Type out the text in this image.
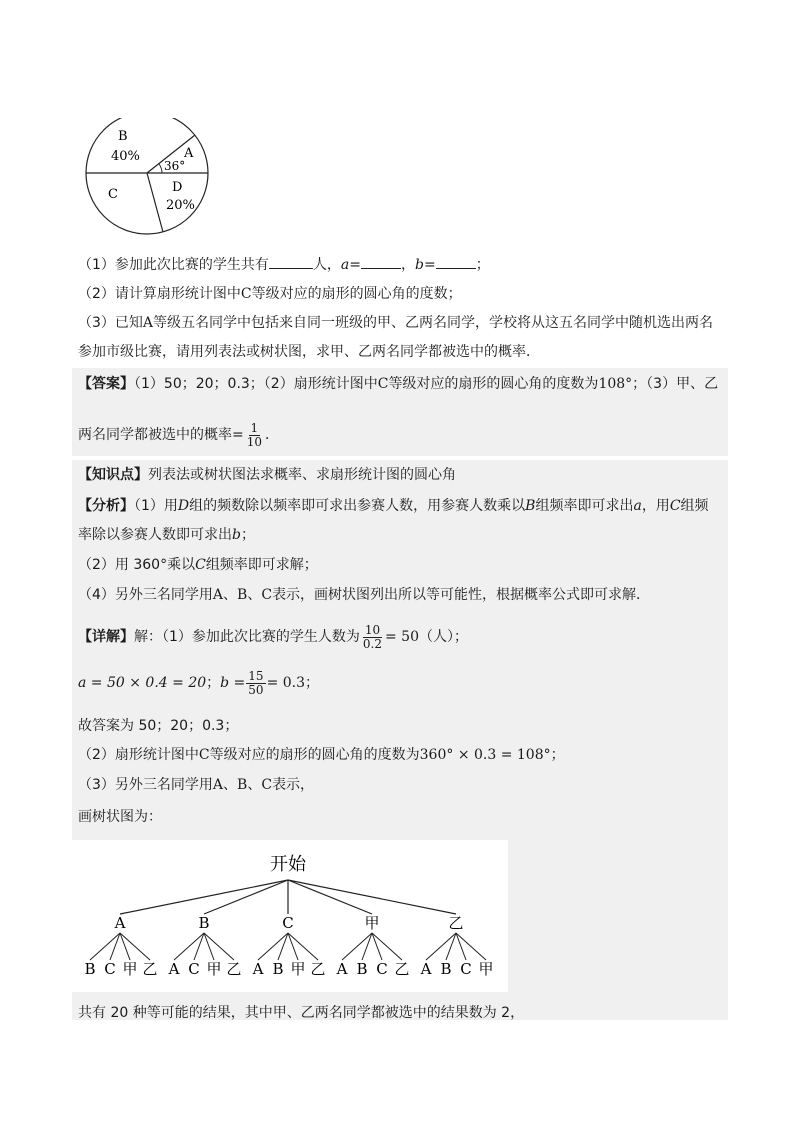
B
40%	A
36°
C	D
20%
（1）参加此次比赛的学生共有	人，a=	，b=	；
（2）请计算扇形统计图中C等级对应的扇形的圆心角的度数；
（3）已知A等级五名同学中包括来自同一班级的甲、乙两名同学，学校将从这五名同学中随机选出两名
参加市级比赛，请用列表法或树状图，求甲、乙两名同学都被选中的概率．
【答案】（1）50；20；0.3；（2）扇形统计图中C等级对应的扇形的圆心角的度数为108°；（3）甲、乙
两名同学都被选中的概率= $\frac{1}{10}$ ．
【知识点】列表法或树状图法求概率、求扇形统计图的圆心角
【分析】（1）用D组的频数除以频率即可求出参赛人数，用参赛人数乘以B组频率即可求出a，用C组频
率除以参赛人数即可求出b；
（2）用 360°乘以C组频率即可求解；
（4）另外三名同学用A、B、C表示，画树状图列出所以等可能性，根据概率公式即可求解．
【详解】解：（1）参加此次比赛的学生人数为 $\frac{10}{0.2} = 50$（人）；
a = 50 × 0.4 = 20；$b = \frac{15}{50} = 0.3$；
故答案为 50；20；0.3；
（2）扇形统计图中C等级对应的扇形的圆心角的度数为360° × 0.3 = 108°；
（3）另外三名同学用A、B、C表示，
画树状图为：
开始
A
B C 甲 乙
B
A C 甲 乙
C
A B 甲 乙
甲
A B C 乙
乙
A B C 甲
共有 20 种等可能的结果，其中甲、乙两名同学都被选中的结果数为 2，
